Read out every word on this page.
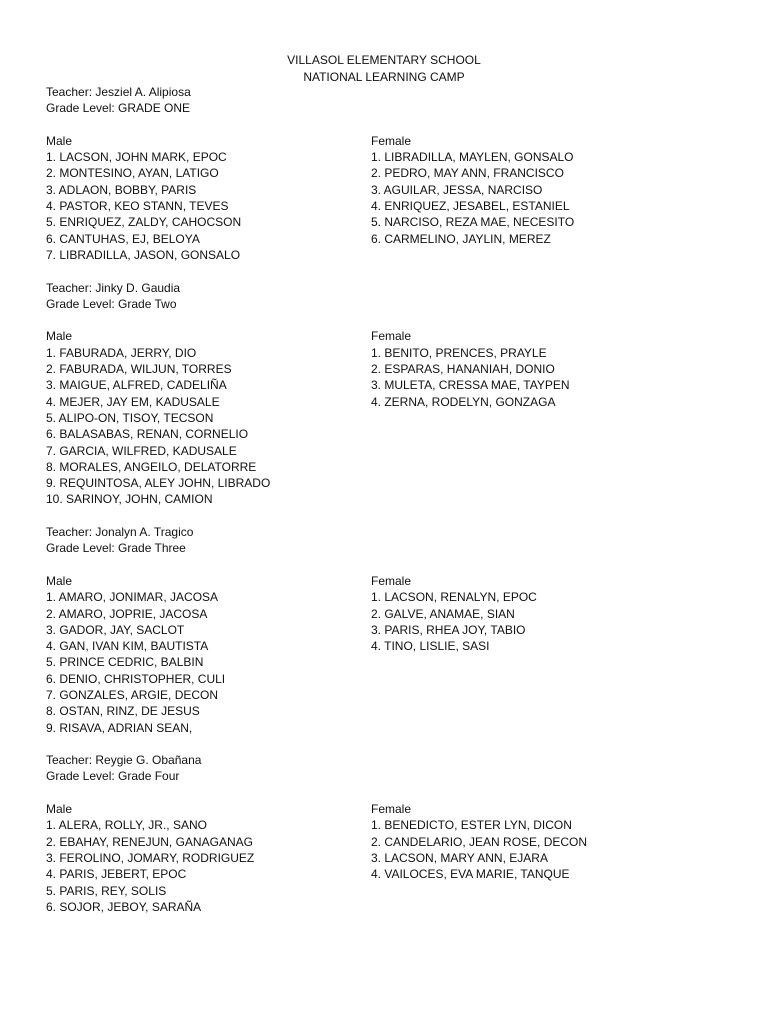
VILLASOL ELEMENTARY SCHOOL
NATIONAL LEARNING CAMP
Teacher: Jesziel A. Alipiosa
Grade Level: GRADE ONE
Male
1. LACSON, JOHN MARK, EPOC
2. MONTESINO, AYAN, LATIGO
3. ADLAON, BOBBY, PARIS
4. PASTOR, KEO STANN, TEVES
5. ENRIQUEZ, ZALDY, CAHOCSON
6. CANTUHAS, EJ, BELOYA
7. LIBRADILLA, JASON, GONSALO
Female
1. LIBRADILLA, MAYLEN, GONSALO
2. PEDRO, MAY ANN, FRANCISCO
3. AGUILAR, JESSA, NARCISO
4. ENRIQUEZ, JESABEL, ESTANIEL
5. NARCISO, REZA MAE, NECESITO
6. CARMELINO, JAYLIN, MEREZ
Teacher: Jinky D. Gaudia
Grade Level: Grade Two
Male
1. FABURADA, JERRY, DIO
2. FABURADA, WILJUN, TORRES
3. MAIGUE, ALFRED, CADELIÑA
4. MEJER, JAY EM, KADUSALE
5. ALIPO-ON, TISOY, TECSON
6. BALASABAS, RENAN, CORNELIO
7. GARCIA, WILFRED, KADUSALE
8. MORALES, ANGEILO, DELATORRE
9. REQUINTOSA, ALEY JOHN, LIBRADO
10. SARINOY, JOHN, CAMION
Female
1. BENITO, PRENCES, PRAYLE
2. ESPARAS, HANANIAH, DONIO
3. MULETA, CRESSA MAE, TAYPEN
4. ZERNA, RODELYN, GONZAGA
Teacher: Jonalyn A. Tragico
Grade Level: Grade Three
Male
1. AMARO, JONIMAR, JACOSA
2. AMARO, JOPRIE, JACOSA
3. GADOR, JAY, SACLOT
4. GAN, IVAN KIM, BAUTISTA
5. PRINCE CEDRIC, BALBIN
6. DENIO, CHRISTOPHER, CULI
7. GONZALES, ARGIE, DECON
8. OSTAN, RINZ, DE JESUS
9. RISAVA, ADRIAN SEAN,
Female
1. LACSON, RENALYN, EPOC
2. GALVE, ANAMAE, SIAN
3. PARIS, RHEA JOY, TABIO
4. TINO, LISLIE, SASI
Teacher: Reygie G. Obañana
Grade Level: Grade Four
Male
1. ALERA, ROLLY, JR., SANO
2. EBAHAY, RENEJUN, GANAGANAG
3. FEROLINO, JOMARY, RODRIGUEZ
4. PARIS, JEBERT, EPOC
5. PARIS, REY, SOLIS
6. SOJOR, JEBOY, SARAÑA
Female
1. BENEDICTO, ESTER LYN, DICON
2. CANDELARIO, JEAN ROSE, DECON
3. LACSON, MARY ANN, EJARA
4. VAILOCES, EVA MARIE, TANQUE
